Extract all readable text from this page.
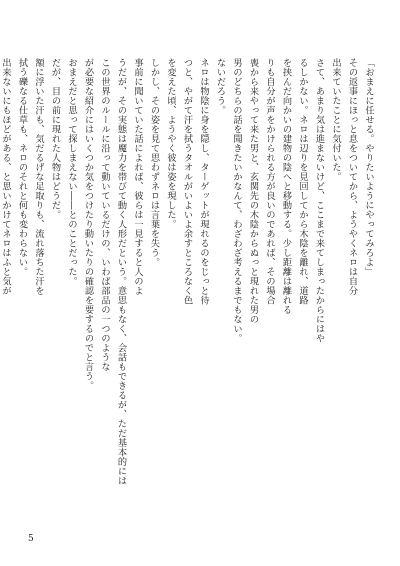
「おまえに任せる。やりたいようにやってみろよ」

その返事にほっと息をついてから、ようやくネロは自分

出来ていたことに気付いた。

さて、あまり気は進まないけど、ここまで来てしまったからにはや

るしかない。ネロは辺りを見回してから木陰を離れ、道路

を挟んだ向かいの建物の陰へと移動する。少し距離は離れる

りも自分が声をかけられる方が良いのであれば、その場合

喪から来やって来た男と、玄関先の木陰からぬっと現れた男の

男のどちらの話を聞きたいかなんて、わざわざ考えるまでもない。

ないだろう。

ネロは物陰に身を隠し、ターゲットが現れるのをじっと待

つと、やがて汗を拭うタオルがいよいよ余すところなく色

を変えた頃、ようやく彼は姿を現した。

しかし、その姿を見て思わずネロは言葉を失う。

事前に聞いていた話によれば、彼らは一見すると人のよ

うだが、その実態は魔力を帯びて動く人形だという。意思もなく、会話もできるが、ただ基本的にはこの世界のルールに沿って動いているだけの、いわば部品の一つのような

が必要な紹介にはいくつか気をつけたり動いたりの確認を要するのでと言う。

おまえだと思って探しまえない――とのことだった。

だが、目の前に現れた人物はどうだ。

額に浮いた汗も、気だるげな足取りも、流れ落ちた汗を

拭う礫なる仕草も、ネロのそれと何も変わらない。

出来ないにもほどがある、と思いかけてネロはふと気が

5
